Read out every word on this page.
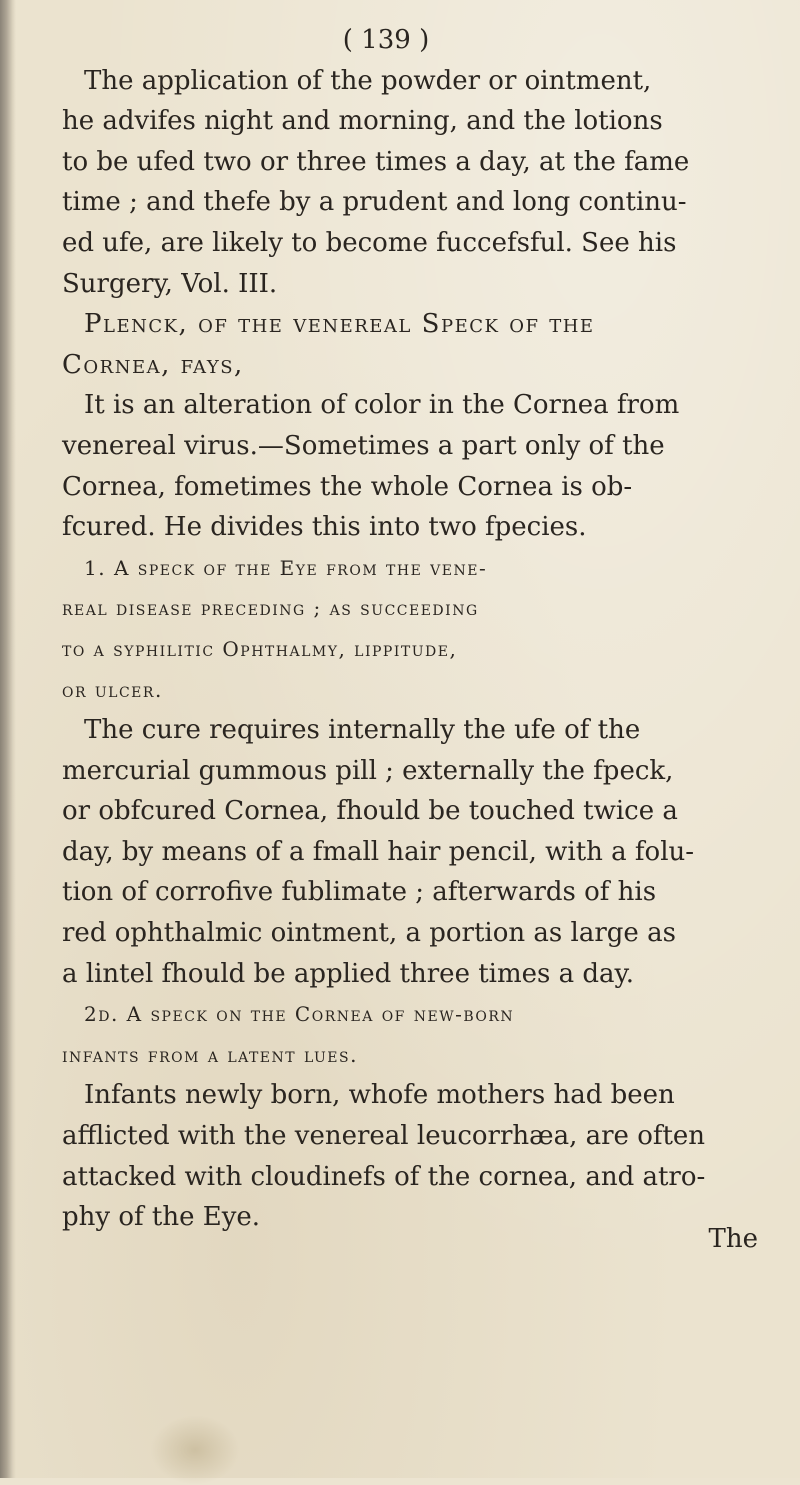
( 139 )
The application of the powder or ointment,
he advifes night and morning, and the lotions
to be ufed two or three times a day, at the fame
time ; and thefe by a prudent and long continu-
ed ufe, are likely to become fuccefsful. See his
Surgery, Vol. III.
Plenck, of the venereal Speck of the
Cornea, fays,
It is an alteration of color in the Cornea from
venereal virus.—Sometimes a part only of the
Cornea, fometimes the whole Cornea is ob-
fcured. He divides this into two fpecies.
1. A speck of the Eye from the vene-
real disease preceding ; as succeeding
to a syphilitic Ophthalmy, lippitude,
or ulcer.
The cure requires internally the ufe of the
mercurial gummous pill ; externally the fpeck,
or obfcured Cornea, fhould be touched twice a
day, by means of a fmall hair pencil, with a folu-
tion of corrofive fublimate ; afterwards of his
red ophthalmic ointment, a portion as large as
a lintel fhould be applied three times a day.
2d. A speck on the Cornea of new-born
infants from a latent lues.
Infants newly born, whofe mothers had been
afflicted with the venereal leucorrhæa, are often
attacked with cloudinefs of the cornea, and atro-
phy of the Eye.
The
